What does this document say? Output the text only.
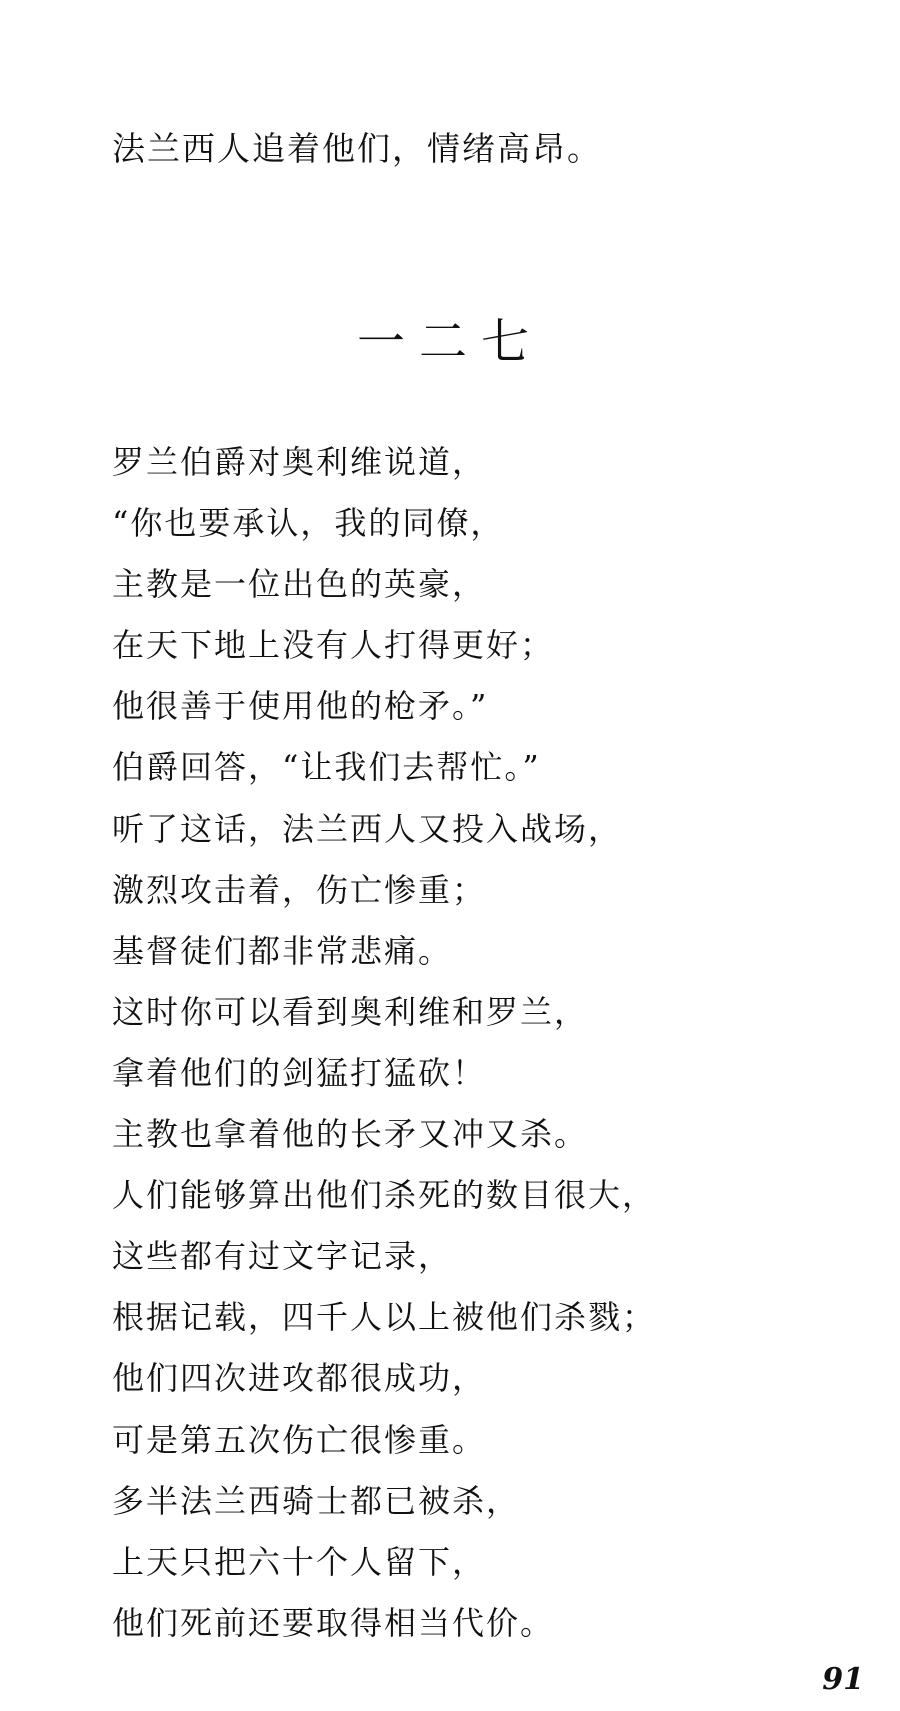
法兰西人追着他们，情绪高昂。
一二七
罗兰伯爵对奥利维说道，
“你也要承认，我的同僚，
主教是一位出色的英豪，
在天下地上没有人打得更好；
他很善于使用他的枪矛。”
伯爵回答，“让我们去帮忙。”
听了这话，法兰西人又投入战场，
激烈攻击着，伤亡惨重；
基督徒们都非常悲痛。
这时你可以看到奥利维和罗兰，
拿着他们的剑猛打猛砍！
主教也拿着他的长矛又冲又杀。
人们能够算出他们杀死的数目很大，
这些都有过文字记录，
根据记载，四千人以上被他们杀戮；
他们四次进攻都很成功，
可是第五次伤亡很惨重。
多半法兰西骑士都已被杀，
上天只把六十个人留下，
他们死前还要取得相当代价。
91
